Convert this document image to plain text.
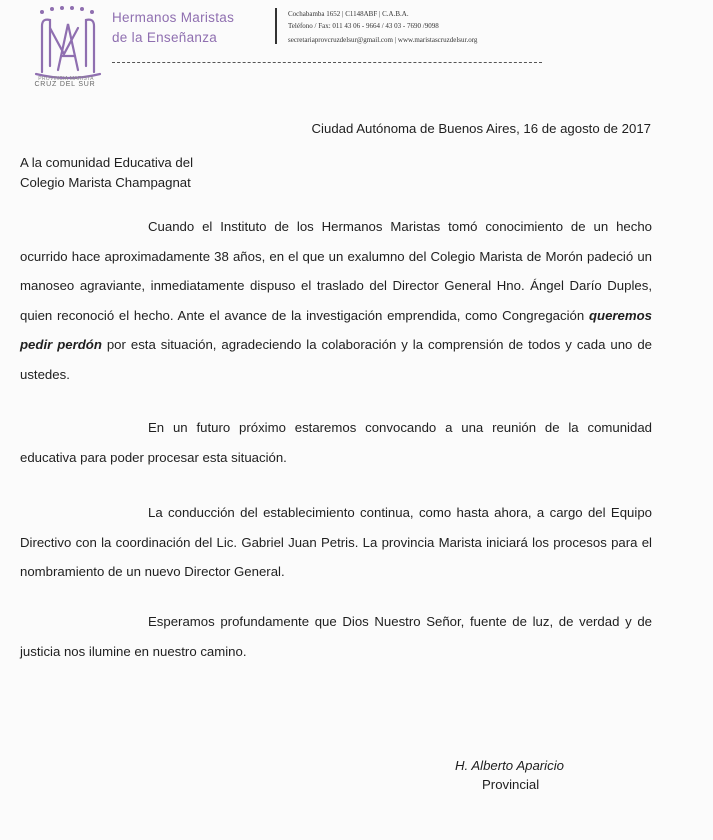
PROVINCIA MARISTA
CRUZ DEL SUR
Hermanos Maristas
de la Enseñanza
Cochabamba 1652 | C1148ABF | C.A.B.A.
Teléfono / Fax: 011 43 06 - 9664 / 43 03 - 7690 /9098
secretariaprovcruzdelsur@gmail.com | www.maristascruzdelsur.org
Ciudad Autónoma de Buenos Aires, 16 de agosto de 2017
A la comunidad Educativa del
Colegio Marista Champagnat
Cuando el Instituto de los Hermanos Maristas tomó conocimiento de un hecho ocurrido hace aproximadamente 38 años, en el que un exalumno del Colegio Marista de Morón padeció un manoseo agraviante, inmediatamente dispuso el traslado del Director General Hno. Ángel Darío Duples, quien reconoció el hecho. Ante el avance de la investigación emprendida, como Congregación queremos pedir perdón por esta situación, agradeciendo la colaboración y la comprensión de todos y cada uno de ustedes.
En un futuro próximo estaremos convocando a una reunión de la comunidad educativa para poder procesar esta situación.
La conducción del establecimiento continua, como hasta ahora, a cargo del Equipo Directivo con la coordinación del Lic. Gabriel Juan Petris. La provincia Marista iniciará los procesos para el nombramiento de un nuevo Director General.
Esperamos profundamente que Dios Nuestro Señor, fuente de luz, de verdad y de justicia nos ilumine en nuestro camino.
H. Alberto Aparicio
Provincial
